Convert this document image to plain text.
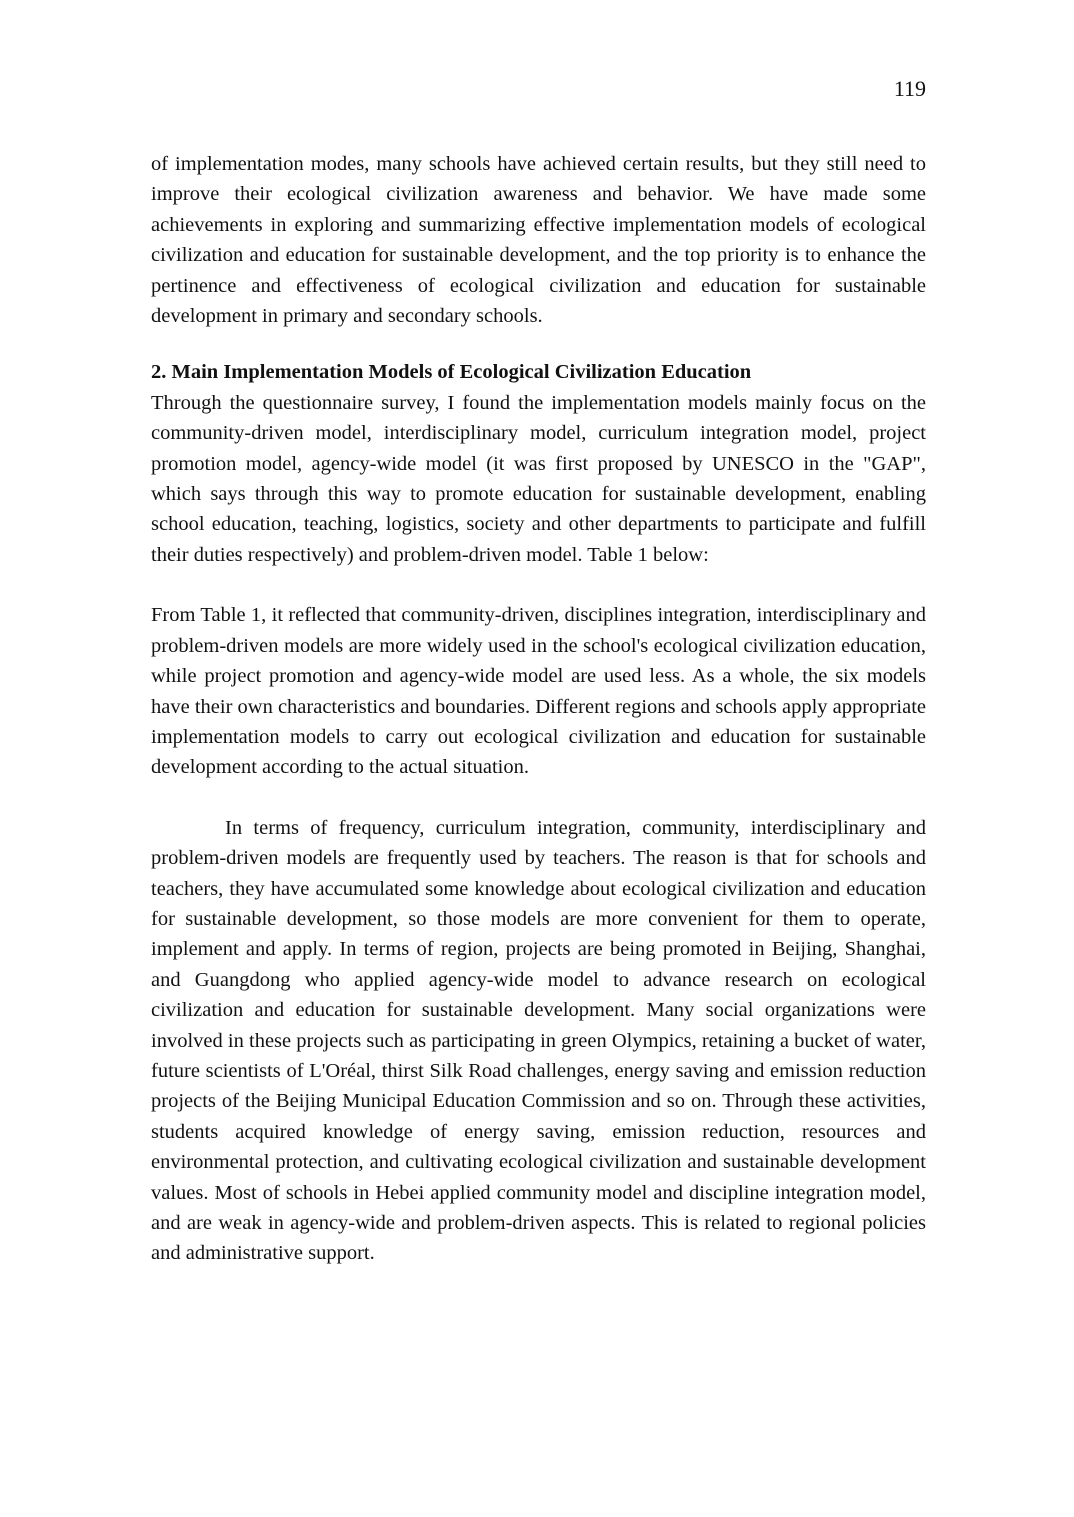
119

of implementation modes, many schools have achieved certain results, but they still need to improve their ecological civilization awareness and behavior. We have made some achievements in exploring and summarizing effective implementation models of ecological civilization and education for sustainable development, and the top priority is to enhance the pertinence and effectiveness of ecological civilization and education for sustainable development in primary and secondary schools.

2. Main Implementation Models of Ecological Civilization Education

Through the questionnaire survey, I found the implementation models mainly focus on the community-driven model, interdisciplinary model, curriculum integration model, project promotion model, agency-wide model (it was first proposed by UNESCO in the "GAP", which says through this way to promote education for sustainable development, enabling school education, teaching, logistics, society and other departments to participate and fulfill their duties respectively) and problem-driven model. Table 1 below:

From Table 1, it reflected that community-driven, disciplines integration, interdisciplinary and problem-driven models are more widely used in the school's ecological civilization education, while project promotion and agency-wide model are used less. As a whole, the six models have their own characteristics and boundaries. Different regions and schools apply appropriate implementation models to carry out ecological civilization and education for sustainable development according to the actual situation.

In terms of frequency, curriculum integration, community, interdisciplinary and problem-driven models are frequently used by teachers. The reason is that for schools and teachers, they have accumulated some knowledge about ecological civilization and education for sustainable development, so those models are more convenient for them to operate, implement and apply. In terms of region, projects are being promoted in Beijing, Shanghai, and Guangdong who applied agency-wide model to advance research on ecological civilization and education for sustainable development. Many social organizations were involved in these projects such as participating in green Olympics, retaining a bucket of water, future scientists of L'Oréal, thirst Silk Road challenges, energy saving and emission reduction projects of the Beijing Municipal Education Commission and so on. Through these activities, students acquired knowledge of energy saving, emission reduction, resources and environmental protection, and cultivating ecological civilization and sustainable development values. Most of schools in Hebei applied community model and discipline integration model, and are weak in agency-wide and problem-driven aspects. This is related to regional policies and administrative support.
